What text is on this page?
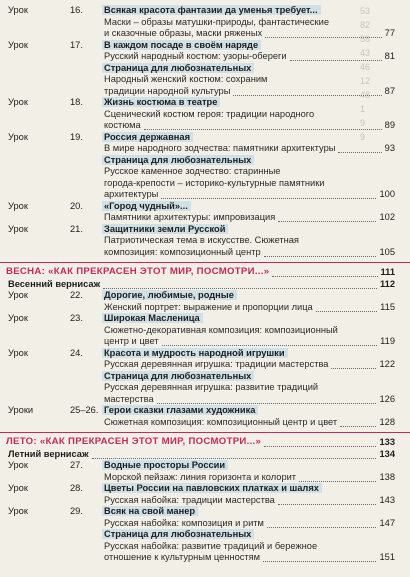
9
9
1
48
12
46
43
58
82
53
Урок	16. Всякая красота фантазии да уменья требует...
Маски – образы матушки-природы, фантастические
и сказочные образы, маски ряженых	77
Урок	17. В каждом посаде в своём наряде
Русский народный костюм: узоры-обереги	81
Страница для любознательных
Народный женский костюм: сохраним
традиции народной культуры	87
Урок	18. Жизнь костюма в театре
Сценический костюм героя: традиции народного
костюма	89
Урок	19. Россия державная
В мире народного зодчества: памятники архитектуры	93
Страница для любознательных
Русское каменное зодчество: старинные
города-крепости – историко-культурные памятники
архитектуры	100
Урок	20. «Город чудный»...
Памятники архитектуры: импровизация	102
Урок	21. Защитники земли Русской
Патриотическая тема в искусстве. Сюжетная
композиция: композиционный центр	105
ВЕСНА: «КАК ПРЕКРАСЕН ЭТОТ МИР, ПОСМОТРИ...»	111
Весенний вернисаж	112
Урок	22. Дорогие, любимые, родные
Женский портрет: выражение и пропорции лица	115
Урок	23. Широкая Масленица
Сюжетно-декоративная композиция: композиционный
центр и цвет	119
Урок	24. Красота и мудрость народной игрушки
Русская деревянная игрушка: традиции мастерства	122
Страница для любознательных
Русская деревянная игрушка: развитие традиций
мастерства	126
Уроки	25–26. Герои сказки глазами художника
Сюжетная композиция: композиционный центр и цвет	128
ЛЕТО: «КАК ПРЕКРАСЕН ЭТОТ МИР, ПОСМОТРИ...»	133
Летний вернисаж	134
Урок	27. Водные просторы России
Морской пейзаж: линия горизонта и колорит	138
Урок	28. Цветы России на павловских платках и шалях
Русская набойка: традиции мастерства	143
Урок	29. Всяк на свой манер
Русская набойка: композиция и ритм	147
Страница для любознательных
Русская набойка: развитие традиций и бережное
отношение к культурным ценностям	151
